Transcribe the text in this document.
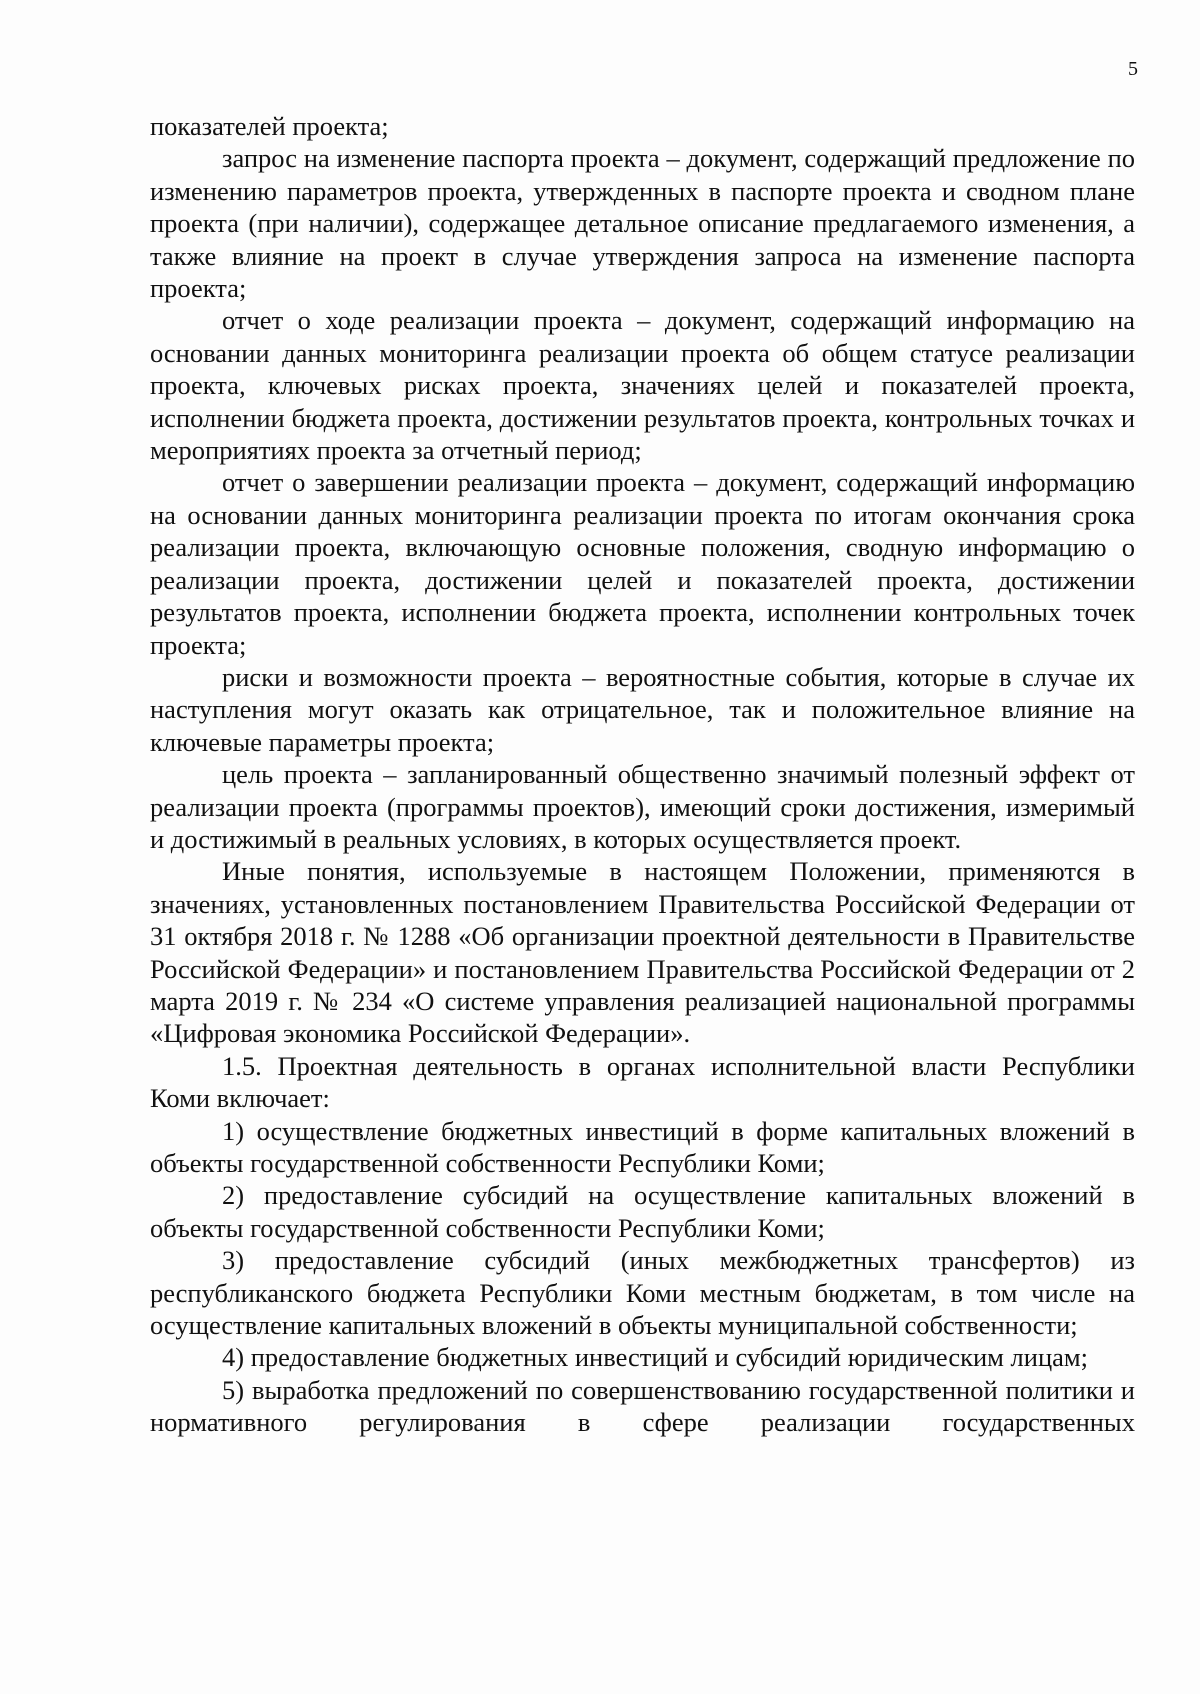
5

показателей проекта;

запрос на изменение паспорта проекта – документ, содержащий предложение по изменению параметров проекта, утвержденных в паспорте проекта и сводном плане проекта (при наличии), содержащее детальное описание предлагаемого изменения, а также влияние на проект в случае утверждения запроса на изменение паспорта проекта;

отчет о ходе реализации проекта – документ, содержащий информацию на основании данных мониторинга реализации проекта об общем статусе реализации проекта, ключевых рисках проекта, значениях целей и показателей проекта, исполнении бюджета проекта, достижении результатов проекта, контрольных точках и мероприятиях проекта за отчетный период;

отчет о завершении реализации проекта – документ, содержащий информацию на основании данных мониторинга реализации проекта по итогам окончания срока реализации проекта, включающую основные положения, сводную информацию о реализации проекта, достижении целей и показателей проекта, достижении результатов проекта, исполнении бюджета проекта, исполнении контрольных точек проекта;

риски и возможности проекта – вероятностные события, которые в случае их наступления могут оказать как отрицательное, так и положительное влияние на ключевые параметры проекта;

цель проекта – запланированный общественно значимый полезный эффект от реализации проекта (программы проектов), имеющий сроки достижения, измеримый и достижимый в реальных условиях, в которых осуществляется проект.

Иные понятия, используемые в настоящем Положении, применяются в значениях, установленных постановлением Правительства Российской Федерации от 31 октября 2018 г. № 1288 «Об организации проектной деятельности в Правительстве Российской Федерации» и постановлением Правительства Российской Федерации от 2 марта 2019 г. № 234 «О системе управления реализацией национальной программы «Цифровая экономика Российской Федерации».

1.5. Проектная деятельность в органах исполнительной власти Республики Коми включает:

1) осуществление бюджетных инвестиций в форме капитальных вложений в объекты государственной собственности Республики Коми;

2) предоставление субсидий на осуществление капитальных вложений в объекты государственной собственности Республики Коми;

3) предоставление субсидий (иных межбюджетных трансфертов) из республиканского бюджета Республики Коми местным бюджетам, в том числе на осуществление капитальных вложений в объекты муниципальной собственности;

4) предоставление бюджетных инвестиций и субсидий юридическим лицам;

5) выработка предложений по совершенствованию государственной политики и нормативного регулирования в сфере реализации государственных
